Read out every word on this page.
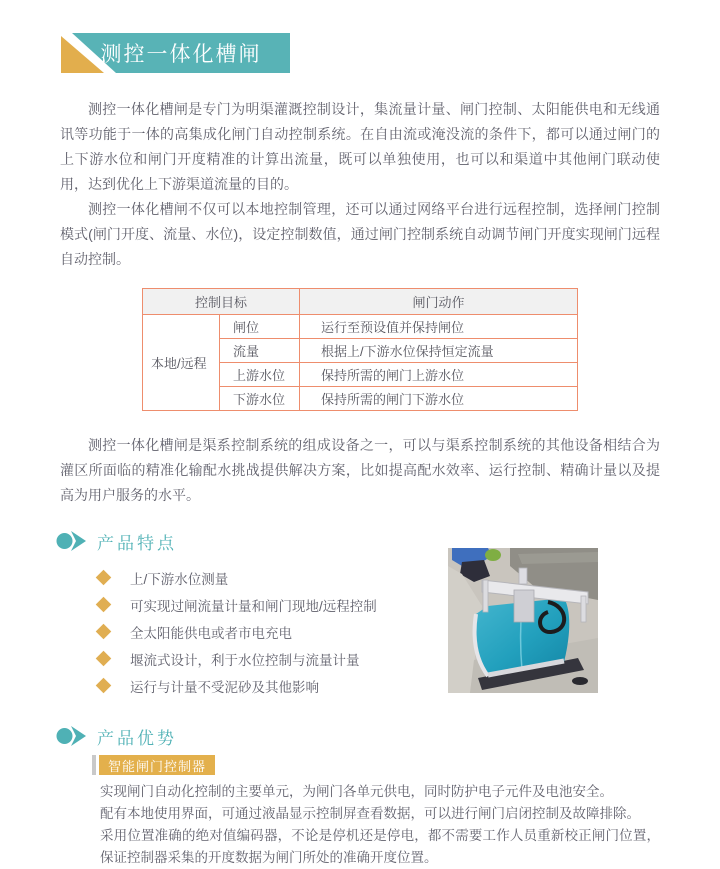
测控一体化槽闸

测控一体化槽闸是专门为明渠灌溉控制设计，集流量计量、闸门控制、太阳能供电和无线通讯等功能于一体的高集成化闸门自动控制系统。在自由流或淹没流的条件下，都可以通过闸门的上下游水位和闸门开度精准的计算出流量，既可以单独使用，也可以和渠道中其他闸门联动使用，达到优化上下游渠道流量的目的。

测控一体化槽闸不仅可以本地控制管理，还可以通过网络平台进行远程控制，选择闸门控制模式(闸门开度、流量、水位)，设定控制数值，通过闸门控制系统自动调节闸门开度实现闸门远程自动控制。

控制目标		闸门动作
本地/远程	闸位	运行至预设值并保持闸位
	流量	根据上/下游水位保持恒定流量
	上游水位	保持所需的闸门上游水位
	下游水位	保持所需的闸门下游水位

测控一体化槽闸是渠系控制系统的组成设备之一，可以与渠系控制系统的其他设备相结合为灌区所面临的精准化输配水挑战提供解决方案，比如提高配水效率、运行控制、精确计量以及提高为用户服务的水平。

产品特点
上/下游水位测量
可实现过闸流量计量和闸门现地/远程控制
全太阳能供电或者市电充电
堰流式设计，利于水位控制与流量计量
运行与计量不受泥砂及其他影响
产品优势
智能闸门控制器

实现闸门自动化控制的主要单元，为闸门各单元供电，同时防护电子元件及电池安全。

配有本地使用界面，可通过液晶显示控制屏查看数据，可以进行闸门启闭控制及故障排除。

采用位置准确的绝对值编码器，不论是停机还是停电，都不需要工作人员重新校正闸门位置，保证控制器采集的开度数据为闸门所处的准确开度位置。
